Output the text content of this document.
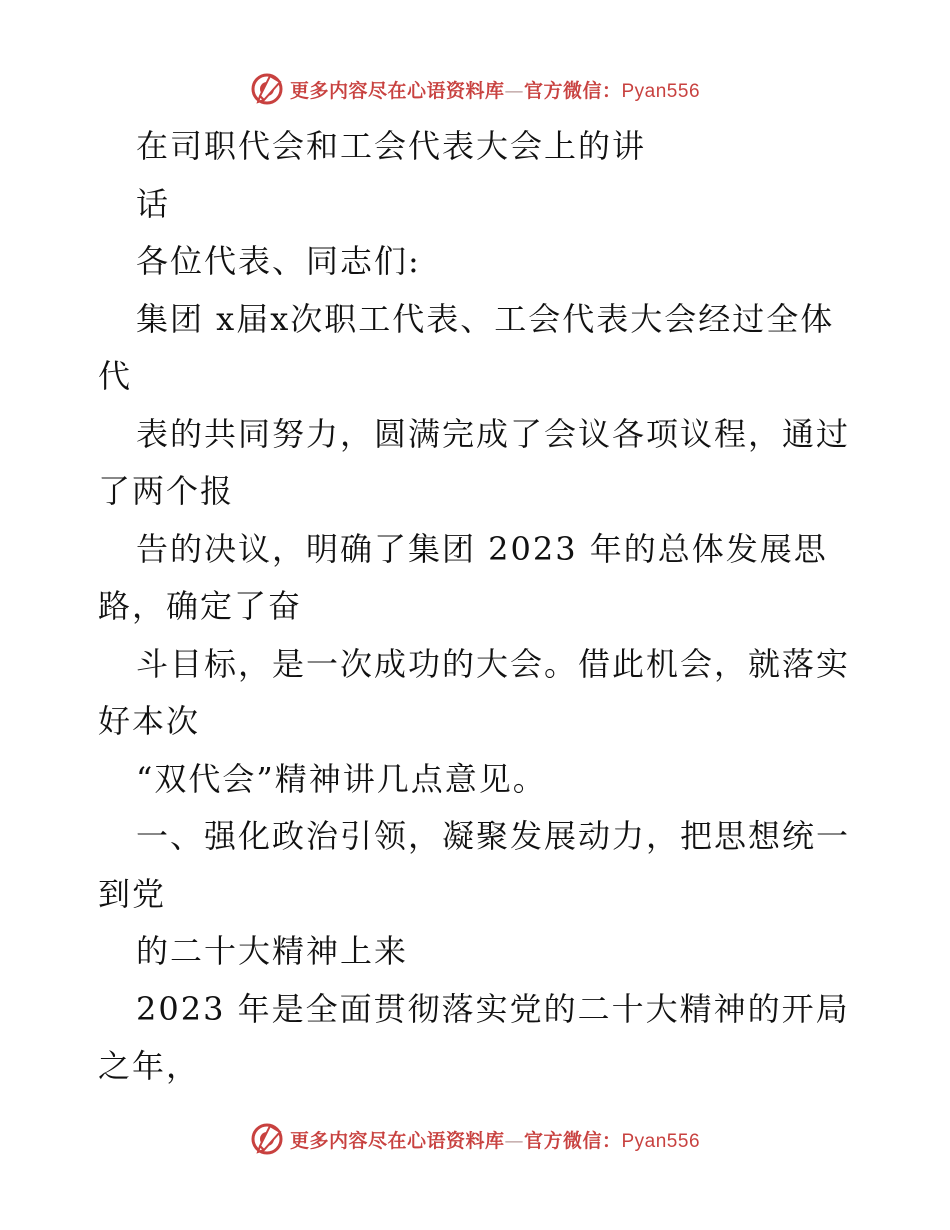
更多内容尽在心语资料库—官方微信：Pyan556
在司职代会和工会代表大会上的讲
话
各位代表、同志们:
集团 x届x次职工代表、工会代表大会经过全体
代
表的共同努力，圆满完成了会议各项议程，通过
了两个报
告的决议，明确了集团 2023 年的总体发展思
路，确定了奋
斗目标，是一次成功的大会。借此机会，就落实
好本次
“双代会”精神讲几点意见。
一、强化政治引领，凝聚发展动力，把思想统一
到党
的二十大精神上来
2023 年是全面贯彻落实党的二十大精神的开局
之年，
更多内容尽在心语资料库—官方微信：Pyan556
